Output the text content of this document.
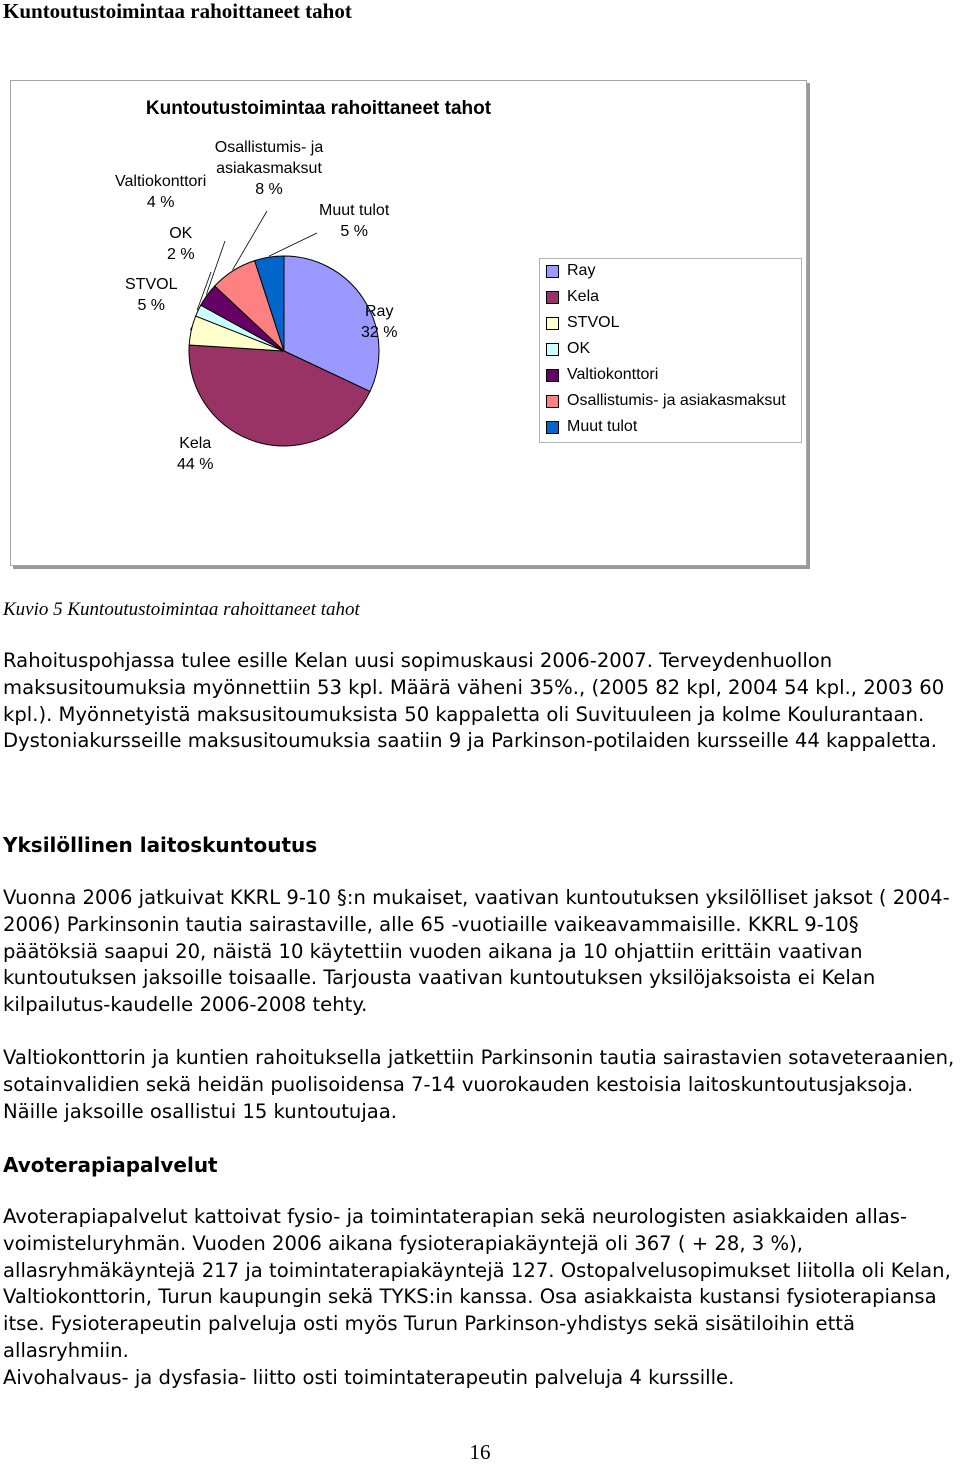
Kuntoutustoimintaa rahoittaneet tahot
Kuntoutustoimintaa rahoittaneet tahot
Ray
32 %
Kela
44 %
STVOL
5 %
OK
2 %
Valtiokonttori
4 %
Osallistumis- ja asiakasmaksut
8 %
Muut tulot
5 %
Ray
Kela
STVOL
OK
Valtiokonttori
Osallistumis- ja asiakasmaksut
Muut tulot

Kuvio 5 Kuntoutustoimintaa rahoittaneet tahot

Rahoituspohjassa tulee esille Kelan uusi sopimuskausi 2006-2007. Terveydenhuollon maksusitoumuksia myönnettiin 53 kpl. Määrä väheni 35%., (2005 82 kpl, 2004 54 kpl., 2003 60 kpl.). Myönnetyistä maksusitoumuksista 50 kappaletta oli Suvituuleen ja kolme Koulurantaan. Dystoniakursseille maksusitoumuksia saatiin 9 ja Parkinson-potilaiden kursseille 44 kappaletta.

Yksilöllinen laitoskuntoutus

Vuonna 2006 jatkuivat KKRL 9-10 §:n mukaiset, vaativan kuntoutuksen yksilölliset jaksot ( 2004-2006) Parkinsonin tautia sairastaville, alle 65 -vuotiaille vaikeavammaisille. KKRL 9-10§ päätöksiä saapui 20, näistä 10 käytettiin vuoden aikana ja 10 ohjattiin erittäin vaativan kuntoutuksen jaksoille toisaalle. Tarjousta vaativan kuntoutuksen yksilöjaksoista ei Kelan kilpailutus-kaudelle 2006-2008 tehty.

Valtiokonttorin ja kuntien rahoituksella jatkettiin Parkinsonin tautia sairastavien sotaveteraanien, sotainvalidien sekä heidän puolisoidensa 7-14 vuorokauden kestoisia laitoskuntoutusjaksoja. Näille jaksoille osallistui 15 kuntoutujaa.

Avoterapiapalvelut

Avoterapiapalvelut kattoivat fysio- ja toimintaterapian sekä neurologisten asiakkaiden allas-voimisteluryhmän. Vuoden 2006 aikana fysioterapiakäyntejä oli 367 ( + 28, 3 %), allasryhmäkäyntejä 217 ja toimintaterapiakäyntejä 127. Ostopalvelusopimukset liitolla oli Kelan, Valtiokonttorin, Turun kaupungin sekä TYKS:in kanssa. Osa asiakkaista kustansi fysioterapiansa itse. Fysioterapeutin palveluja osti myös Turun Parkinson-yhdistys sekä sisätiloihin että allasryhmiin.

Aivohalvaus- ja dysfasia- liitto osti toimintaterapeutin palveluja 4 kurssille.

16
